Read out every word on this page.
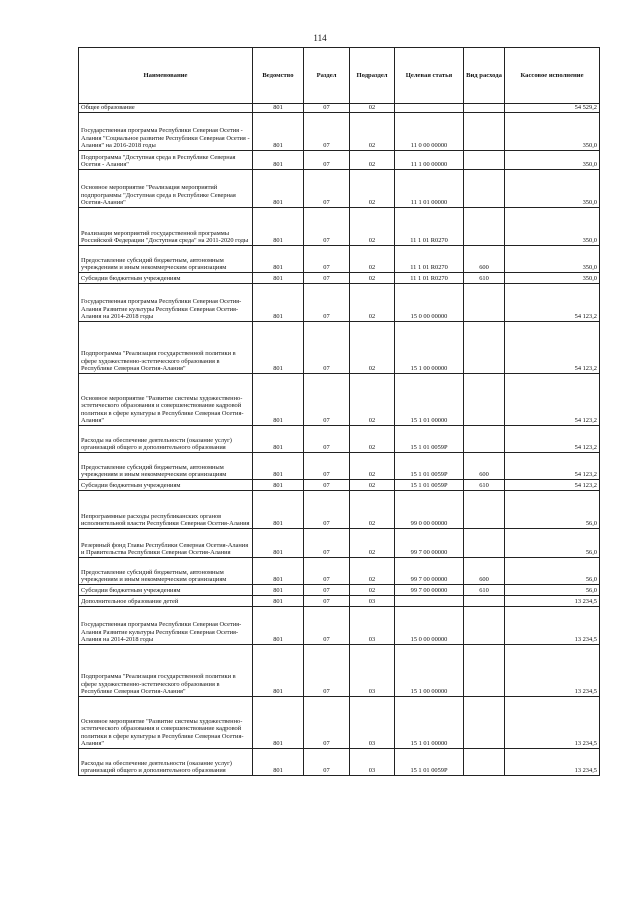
114
Наименование	Ведомство	Раздел	Подраздел	Целевая статья	Вид расхода	Кассовое исполнение
Общее образование	801	07	02			54 529,2
Государственная программа Республики Северная Осетия - Алания "Социальное развитие Республики Северная Осетия - Алания" на 2016-2018 годы	801	07	02	11 0 00 00000		350,0
Подпрограмма "Доступная среда в Республике Северная Осетия - Алания"	801	07	02	11 1 00 00000		350,0
Основное мероприятие "Реализация мероприятий подпрограммы "Доступная среда в Республике Северная Осетия-Алания"	801	07	02	11 1 01 00000		350,0
Реализация мероприятий государственной программы Российской Федерации "Доступная среда" на 2011-2020 годы	801	07	02	11 1 01 R0270		350,0
Предоставление субсидий бюджетным, автономным учреждениям и иным некоммерческим организациям	801	07	02	11 1 01 R0270	600	350,0
Субсидии бюджетным учреждениям	801	07	02	11 1 01 R0270	610	350,0
Государственная программа Республики Северная Осетия-Алания Развитие культуры Республики Северная Осетия-Алания на 2014-2018 годы	801	07	02	15 0 00 00000		54 123,2
Подпрограмма "Реализация государственной политики в сфере художественно-эстетического образования в Республике Северная Осетия-Алания"	801	07	02	15 1 00 00000		54 123,2
Основное мероприятие "Развитие системы художественно-эстетического образования и совершенствование кадровой политики в сфере культуры в Республике Северная Осетия-Алания"	801	07	02	15 1 01 00000		54 123,2
Расходы на обеспечение деятельности (оказание услуг) организаций общего и дополнительного образования	801	07	02	15 1 01 0059P		54 123,2
Предоставление субсидий бюджетным, автономным учреждениям и иным некоммерческим организациям	801	07	02	15 1 01 0059P	600	54 123,2
Субсидии бюджетным учреждениям	801	07	02	15 1 01 0059P	610	54 123,2
Непрограммные расходы республиканских органов исполнительной власти Республики Северная Осетия-Алания	801	07	02	99 0 00 00000		56,0
Резервный фонд Главы Республики Северная Осетия-Алания и Правительства Республики Северная Осетия-Алания	801	07	02	99 7 00 00000		56,0
Предоставление субсидий бюджетным, автономным учреждениям и иным некоммерческим организациям	801	07	02	99 7 00 00000	600	56,0
Субсидии бюджетным учреждениям	801	07	02	99 7 00 00000	610	56,0
Дополнительное образование детей	801	07	03			13 234,5
Государственная программа Республики Северная Осетия-Алания Развитие культуры Республики Северная Осетия-Алания на 2014-2018 годы	801	07	03	15 0 00 00000		13 234,5
Подпрограмма "Реализация государственной политики в сфере художественно-эстетического образования в Республике Северная Осетия-Алания"	801	07	03	15 1 00 00000		13 234,5
Основное мероприятие "Развитие системы художественно-эстетического образования и совершенствование кадровой политики в сфере культуры в Республике Северная Осетия-Алания"	801	07	03	15 1 01 00000		13 234,5
Расходы на обеспечение деятельности (оказание услуг) организаций общего и дополнительного образования	801	07	03	15 1 01 0059P		13 234,5
